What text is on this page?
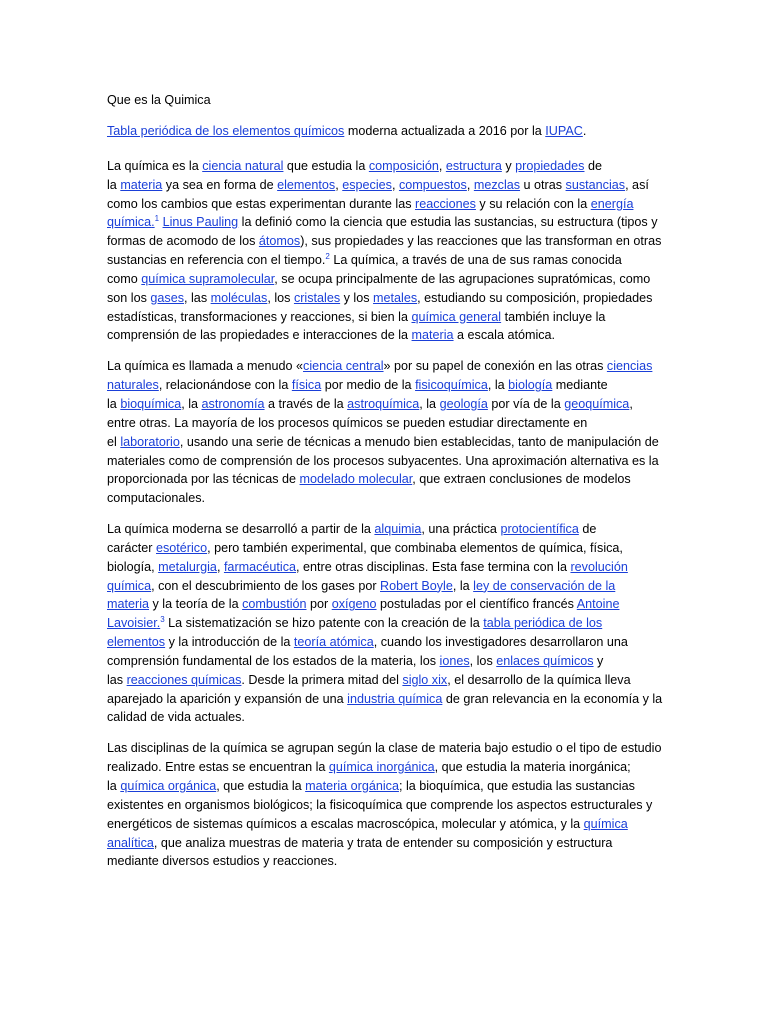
Que es la Quimica
Tabla periódica de los elementos químicos moderna actualizada a 2016 por la IUPAC.
La química es la ciencia natural que estudia la composición, estructura y propiedades de
la materia ya sea en forma de elementos, especies, compuestos, mezclas u otras sustancias, así
como los cambios que estas experimentan durante las reacciones y su relación con la energía
química.$^1$ Linus Pauling la definió como la ciencia que estudia las sustancias, su estructura (tipos y
formas de acomodo de los átomos), sus propiedades y las reacciones que las transforman en otras
sustancias en referencia con el tiempo.$^2$ La química, a través de una de sus ramas conocida
como química supramolecular, se ocupa principalmente de las agrupaciones supratómicas, como
son los gases, las moléculas, los cristales y los metales, estudiando su composición, propiedades
estadísticas, transformaciones y reacciones, si bien la química general también incluye la
comprensión de las propiedades e interacciones de la materia a escala atómica.
La química es llamada a menudo «ciencia central» por su papel de conexión en las otras ciencias
naturales, relacionándose con la física por medio de la fisicoquímica, la biología mediante
la bioquímica, la astronomía a través de la astroquímica, la geología por vía de la geoquímica,
entre otras. La mayoría de los procesos químicos se pueden estudiar directamente en
el laboratorio, usando una serie de técnicas a menudo bien establecidas, tanto de manipulación de
materiales como de comprensión de los procesos subyacentes. Una aproximación alternativa es la
proporcionada por las técnicas de modelado molecular, que extraen conclusiones de modelos
computacionales.
La química moderna se desarrolló a partir de la alquimia, una práctica protocientífica de
carácter esotérico, pero también experimental, que combinaba elementos de química, física,
biología, metalurgia, farmacéutica, entre otras disciplinas. Esta fase termina con la revolución
química, con el descubrimiento de los gases por Robert Boyle, la ley de conservación de la
materia y la teoría de la combustión por oxígeno postuladas por el científico francés Antoine
Lavoisier.$^3$ La sistematización se hizo patente con la creación de la tabla periódica de los
elementos y la introducción de la teoría atómica, cuando los investigadores desarrollaron una
comprensión fundamental de los estados de la materia, los iones, los enlaces químicos y
las reacciones químicas. Desde la primera mitad del siglo xix, el desarrollo de la química lleva
aparejado la aparición y expansión de una industria química de gran relevancia en la economía y la
calidad de vida actuales.
Las disciplinas de la química se agrupan según la clase de materia bajo estudio o el tipo de estudio
realizado. Entre estas se encuentran la química inorgánica, que estudia la materia inorgánica;
la química orgánica, que estudia la materia orgánica; la bioquímica, que estudia las sustancias
existentes en organismos biológicos; la fisicoquímica que comprende los aspectos estructurales y
energéticos de sistemas químicos a escalas macroscópica, molecular y atómica, y la química
analítica, que analiza muestras de materia y trata de entender su composición y estructura
mediante diversos estudios y reacciones.
